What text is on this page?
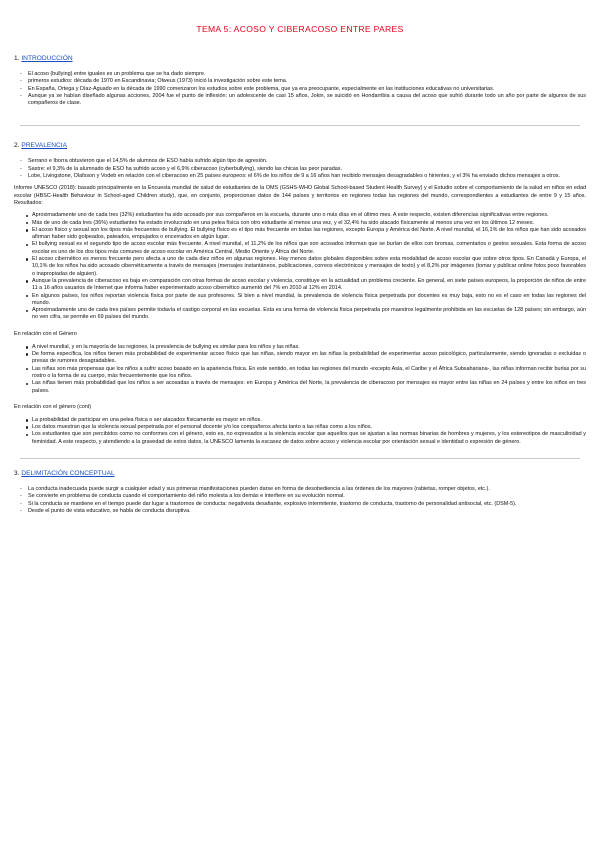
TEMA 5: ACOSO Y CIBERACOSO ENTRE PARES
1. INTRODUCCIÓN
- El acoso (bullying) entre iguales es un problema que se ha dado siempre.
- primeros estudios: década de 1970 en Escandinavia; Olweus (1973) inició la investigación sobre este tema.
- En España, Ortega y Díaz-Aguado en la década de 1990 comenzaron los estudios sobre este problema, que ya era preocupante, especialmente en las instituciones educativas no universitarias.
- Aunque ya se habían diseñado algunas acciones, 2004 fue el punto de inflexión: un adolescente de casi 15 años, Jokin, se suicidó en Hondarribia a causa del acoso que sufrió durante todo un año por parte de algunos de sus compañeros de clase.
2. PREVALENCIA
- Serrano e Iborra obtuvieron que el 14,5% de alumnos de ESO había sufrido algún tipo de agresión.
- Sastre: el 9,3% de la alumnado de ESO ha sufrido acoso y el 6,9% ciberacoso (cyberbullying), siendo las chicas las peor paradas.
- Lobe, Livingstone, Olafsson y Vodeb en relación con el ciberacoso en 25 países europeos: el 6% de los niños de 9 a 16 años han recibido mensajes desagradables o hirientes, y el 3% ha enviado dichos mensajes a otros.

Informe UNESCO (2018): basado principalmente en la Encuesta mundial de salud de estudiantes de la OMS (GSHS-WHO Global School-based Student Health Survey) y el Estudio sobre el comportamiento de la salud en niños en edad escolar (HBSC-Health Behaviour in School-aged Children study), que, en conjunto, proporcionan datos de 144 países y territorios en regiones todas las regiones del mundo, correspondientes a estudiantes de entre 9 y 15 años. Resultados:

Aproximadamente uno de cada tres (32%) estudiantes ha sido acosado por sus compañeros en la escuela, durante uno o más días en el último mes. A este respecto, existen diferencias significativas entre regiones.
Más de uno de cada tres (36%) estudiantes ha estado involucrado en una pelea física con otro estudiante al menos una vez, y el 32,4% ha sido atacado físicamente al menos una vez en los últimos 12 meses.
El acoso físico y sexual son los tipos más frecuentes de bullying. El bullying físico es el tipo más frecuente en todas las regiones, excepto Europa y América del Norte. A nivel mundial, el 16,1% de los niños que han sido acosados afirman haber sido golpeados, pateados, empujados o encerrados en algún lugar.
El bullying sexual es el segundo tipo de acoso escolar más frecuente. A nivel mundial, el 11,2% de los niños que son acosados informan que se burlan de ellos con bromas, comentarios o gestos sexuales. Esta forma de acoso escolar es uno de los dos tipos más comunes de acoso escolar en América Central, Medio Oriente y África del Norte.
El acoso cibernético es menos frecuente pero afecta a uno de cada diez niños en algunas regiones. Hay menos datos globales disponibles sobre esta modalidad de acoso escolar que sobre otros tipos. En Canadá y Europa, el 10,1% de los niños ha sido acosado cibernéticamente a través de mensajes (mensajes instantáneos, publicaciones, correos electrónicos y mensajes de texto) y el 8,2% por imágenes (tomar y publicar online fotos poco favorables o inapropiadas de alguien).
Aunque la prevalencia de ciberacoso es baja en comparación con otras formas de acoso escolar y violencia, constituye en la actualidad un problema creciente. En general, en siete países europeos, la proporción de niños de entre 11 a 16 años usuarios de Internet que informa haber experimentado acoso cibernético aumentó del 7% en 2010 al 12% en 2014.
En algunos países, los niños reportan violencia física por parte de sus profesores. Si bien a nivel mundial, la prevalencia de violencia física perpetrada por docentes es muy baja, esto no es el caso en todas las regiones del mundo.
Aproximadamente uno de cada tres países permite todavía el castigo corporal en las escuelas. Esta es una forma de violencia física perpetrada por maestros legalmente prohibida en las escuelas de 128 países; sin embargo, aún no ven cifra, se permite en 69 países del mundo.
En relación con el Género
A nivel mundial, y en la mayoría de las regiones, la prevalencia de bullying es similar para los niños y las niñas.
De forma específica, los niños tienen más probabilidad de experimentar acoso físico que las niñas, siendo mayor en las niñas la probabilidad de experimentar acoso psicológico, particularmente, siendo ignoradas o excluidas o presas de rumores desagradables.
Las niñas son más propensas que los niños a sufrir acoso basado en la apariencia física. En este sentido, en todas las regiones del mundo -excepto Asia, el Caribe y el África Subsahariana-, las niñas informan recibir burlas por su rostro o la forma de su cuerpo, más frecuentemente que los niños.
Las niñas tienen más probabilidad que los niños a ser acosadas a través de mensajes: en Europa y América del Norte, la prevalencia de ciberacoso por mensajes es mayor entre las niñas en 24 países y entre los niños en tres países.
En relación con el género (cont)
La probabilidad de participar en una pelea física o ser atacados físicamente es mayor en niños.
Los datos muestran que la violencia sexual perpetrada por el personal docente y/o los compañeros afecta tanto a las niñas como a los niños.
Los estudiantes que son percibidos como no conformes con el género, esto es, no expresados a la violencia escolar que aquellos que se ajustan a las normas binarias de hombres y mujeres, y los estereotipos de masculinidad y feminidad. A este respecto, y atendiendo a la gravedad de estos datos, la UNESCO lamenta la escasez de datos sobre acoso y violencia escolar por orientación sexual e identidad o expresión de género.
3. DELIMITACIÓN CONCEPTUAL
- La conducta inadecuada puede surgir a cualquier edad y sus primeras manifestaciones pueden darse en forma de desobediencia a las órdenes de los mayores (rabietas, romper objetos, etc.).
- Se convierte en problema de conducta cuando el comportamiento del niño molesta a los demás e interfiere en su evolución normal.
- Si la conducta se mantiene en el tiempo puede dar lugar a trastornos de conducta: negativista desafiante, explosivo intermitente, trastorno de conducta, trastorno de personalidad antisocial, etc. (DSM-5).
- Desde el punto de vista educativo, se habla de conducta disruptiva.
